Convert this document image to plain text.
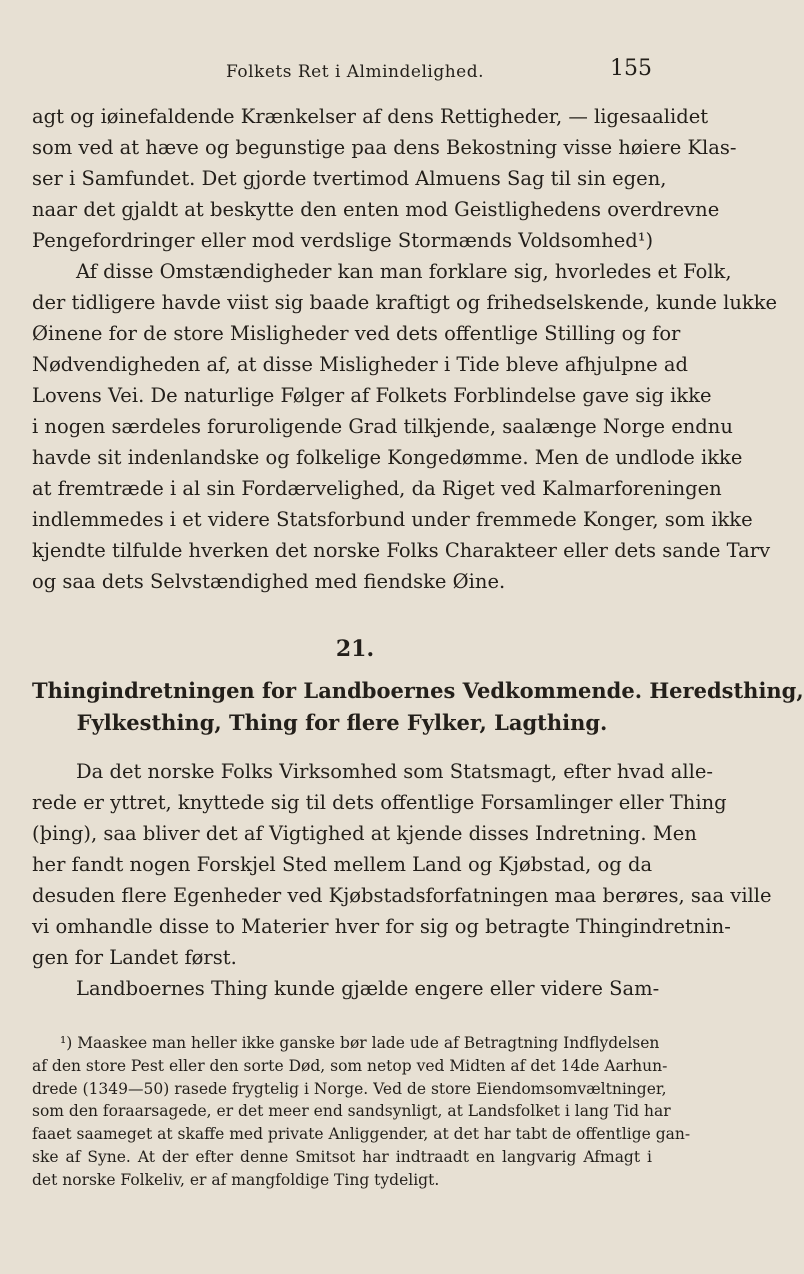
Folkets Ret i Almindelighed.	155
agt og iøinefaldende Krænkelser af dens Rettigheder, — ligesaalidet
som ved at hæve og begunstige paa dens Bekostning visse høiere Klas-
ser i Samfundet. Det gjorde tvertimod Almuens Sag til sin egen,
naar det gjaldt at beskytte den enten mod Geistlighedens overdrevne
Pengefordringer eller mod verdslige Stormænds Voldsomhed¹)
Af disse Omstændigheder kan man forklare sig, hvorledes et Folk,
der tidligere havde viist sig baade kraftigt og frihedselskende, kunde lukke
Øinene for de store Misligheder ved dets offentlige Stilling og for
Nødvendigheden af, at disse Misligheder i Tide bleve afhjulpne ad
Lovens Vei. De naturlige Følger af Folkets Forblindelse gave sig ikke
i nogen særdeles foruroligende Grad tilkjende, saalænge Norge endnu
havde sit indenlandske og folkelige Kongedømme. Men de undlode ikke
at fremtræde i al sin Fordærvelighed, da Riget ved Kalmarforeningen
indlemmedes i et videre Statsforbund under fremmede Konger, som ikke
kjendte tilfulde hverken det norske Folks Charakteer eller dets sande Tarv
og saa dets Selvstændighed med fiendske Øine.
21.
Thingindretningen for Landboernes Vedkommende. Heredsthing,
Fylkesthing, Thing for flere Fylker, Lagthing.
Da det norske Folks Virksomhed som Statsmagt, efter hvad alle-
rede er yttret, knyttede sig til dets offentlige Forsamlinger eller Thing
(þing), saa bliver det af Vigtighed at kjende disses Indretning. Men
her fandt nogen Forskjel Sted mellem Land og Kjøbstad, og da
desuden flere Egenheder ved Kjøbstadsforfatningen maa berøres, saa ville
vi omhandle disse to Materier hver for sig og betragte Thingindretnin-
gen for Landet først.
Landboernes Thing kunde gjælde engere eller videre Sam-
¹) Maaskee man heller ikke ganske bør lade ude af Betragtning Indflydelsen
af den store Pest eller den sorte Død, som netop ved Midten af det 14de Aarhun-
drede (1349—50) rasede frygtelig i Norge. Ved de store Eiendomsomvæltninger,
som den foraarsagede, er det meer end sandsynligt, at Landsfolket i lang Tid har
faaet saameget at skaffe med private Anliggender, at det har tabt de offentlige gan-
ske af Syne. At der efter denne Smitsot har indtraadt en langvarig Afmagt i
det norske Folkeliv, er af mangfoldige Ting tydeligt.
